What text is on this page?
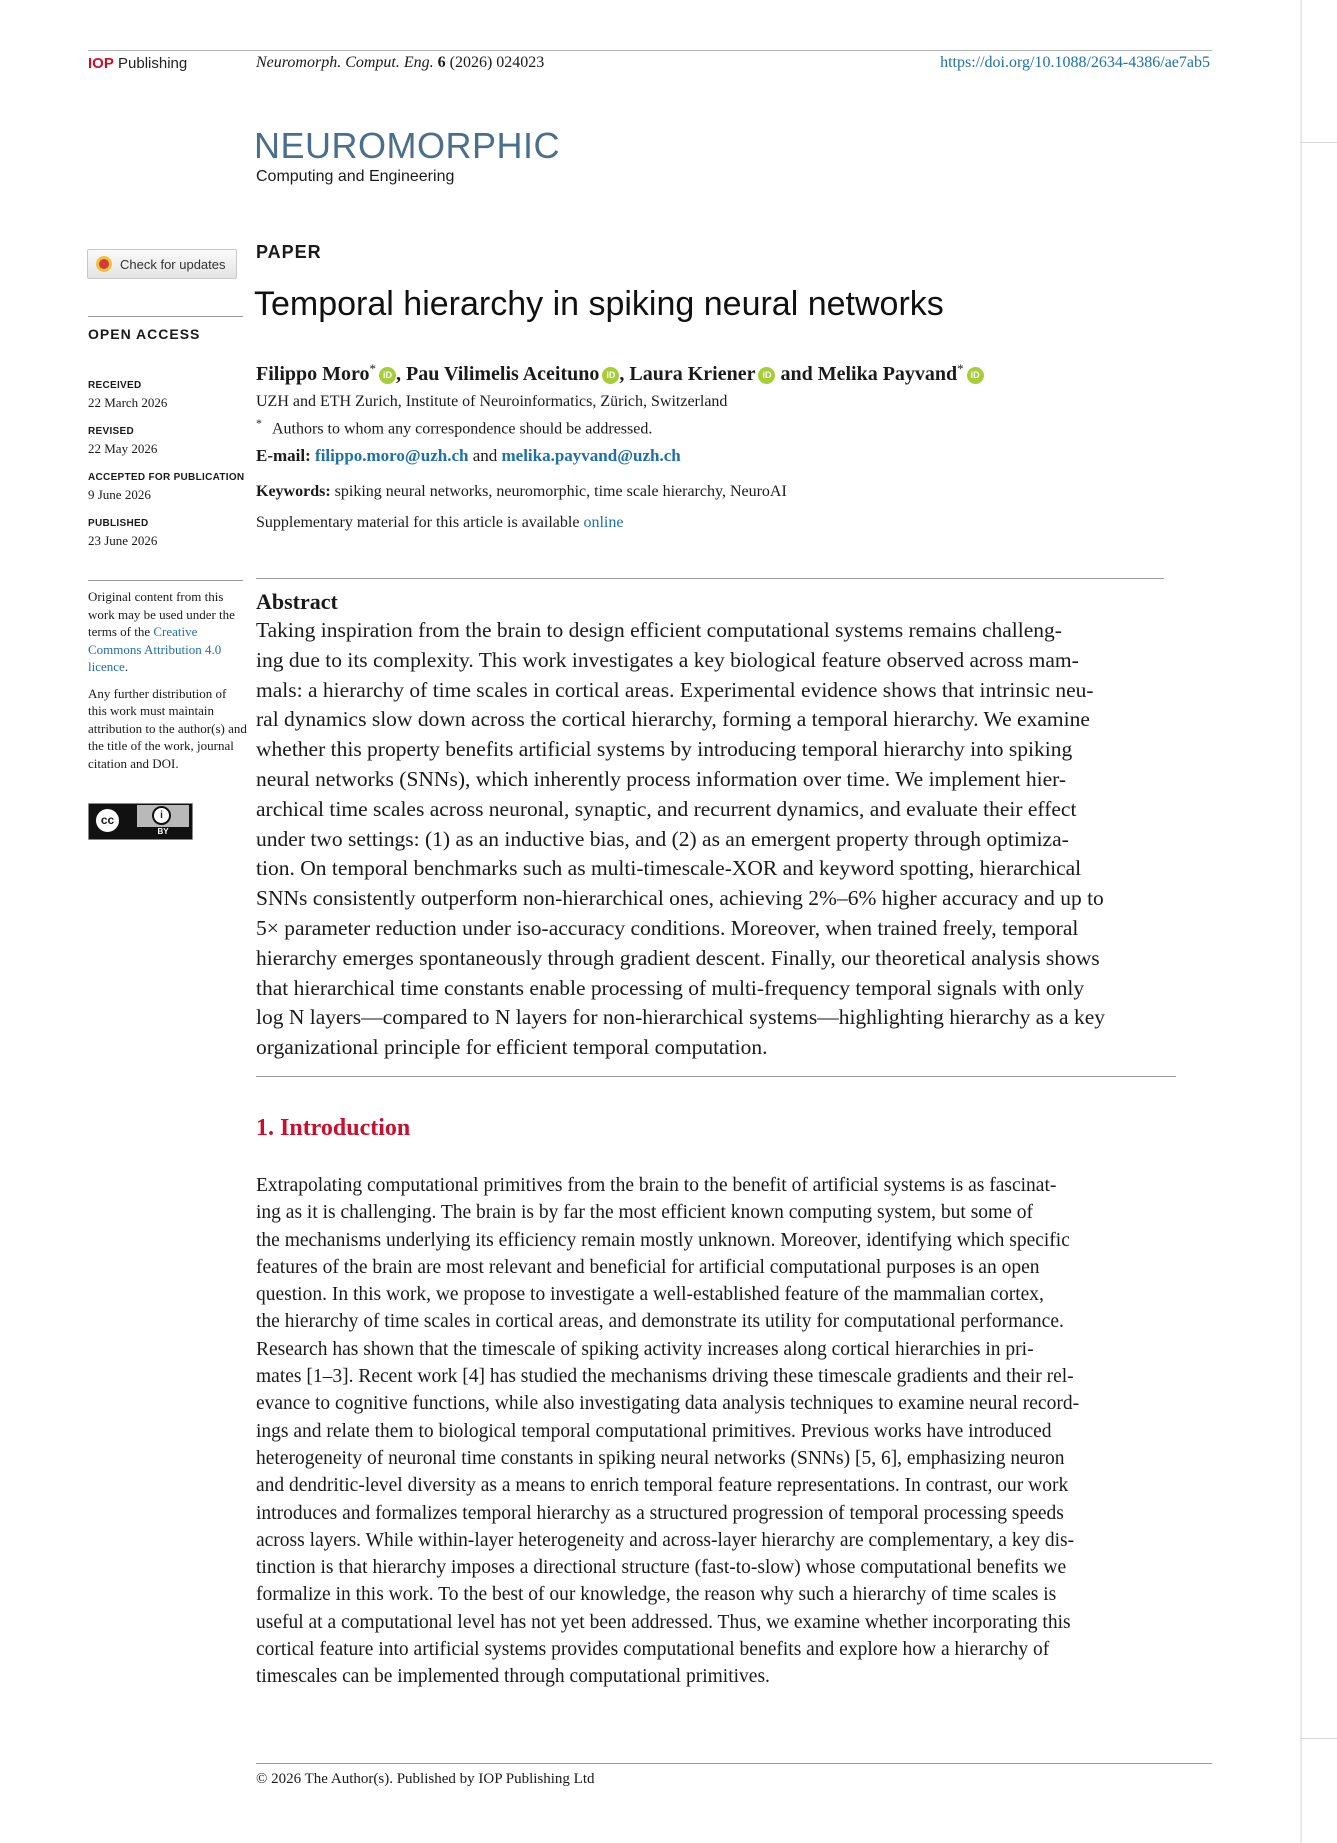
IOP Publishing	Neuromorph. Comput. Eng. 6 (2026) 024023	https://doi.org/10.1088/2634-4386/ae7ab5
NEUROMORPHIC
Computing and Engineering
Check for updates
OPEN ACCESS
RECEIVED
22 March 2026
REVISED
22 May 2026
ACCEPTED FOR PUBLICATION
9 June 2026
PUBLISHED
23 June 2026

Original content from this work may be used under the terms of the Creative Commons Attribution 4.0 licence.

Any further distribution of this work must maintain attribution to the author(s) and the title of the work, journal citation and DOI.

cc	i
BY
PAPER
Temporal hierarchy in spiking neural networks
Filippo Moro* iD , Pau Vilimelis Aceituno iD , Laura Kriener iD and Melika Payvand* iD
UZH and ETH Zurich, Institute of Neuroinformatics, Zürich, Switzerland
* Authors to whom any correspondence should be addressed.
E-mail: filippo.moro@uzh.ch and melika.payvand@uzh.ch
Keywords: spiking neural networks, neuromorphic, time scale hierarchy, NeuroAI
Supplementary material for this article is available online
Abstract
Taking inspiration from the brain to design efficient computational systems remains challeng-
ing due to its complexity. This work investigates a key biological feature observed across mam-
mals: a hierarchy of time scales in cortical areas. Experimental evidence shows that intrinsic neu-
ral dynamics slow down across the cortical hierarchy, forming a temporal hierarchy. We examine
whether this property benefits artificial systems by introducing temporal hierarchy into spiking
neural networks (SNNs), which inherently process information over time. We implement hier-
archical time scales across neuronal, synaptic, and recurrent dynamics, and evaluate their effect
under two settings: (1) as an inductive bias, and (2) as an emergent property through optimiza-
tion. On temporal benchmarks such as multi-timescale-XOR and keyword spotting, hierarchical
SNNs consistently outperform non-hierarchical ones, achieving 2%–6% higher accuracy and up to
5× parameter reduction under iso-accuracy conditions. Moreover, when trained freely, temporal
hierarchy emerges spontaneously through gradient descent. Finally, our theoretical analysis shows
that hierarchical time constants enable processing of multi-frequency temporal signals with only
log N layers—compared to N layers for non-hierarchical systems—highlighting hierarchy as a key
organizational principle for efficient temporal computation.
1. Introduction
Extrapolating computational primitives from the brain to the benefit of artificial systems is as fascinat-
ing as it is challenging. The brain is by far the most efficient known computing system, but some of
the mechanisms underlying its efficiency remain mostly unknown. Moreover, identifying which specific
features of the brain are most relevant and beneficial for artificial computational purposes is an open
question. In this work, we propose to investigate a well-established feature of the mammalian cortex,
the hierarchy of time scales in cortical areas, and demonstrate its utility for computational performance.
Research has shown that the timescale of spiking activity increases along cortical hierarchies in pri-
mates [1–3]. Recent work [4] has studied the mechanisms driving these timescale gradients and their rel-
evance to cognitive functions, while also investigating data analysis techniques to examine neural record-
ings and relate them to biological temporal computational primitives. Previous works have introduced
heterogeneity of neuronal time constants in spiking neural networks (SNNs) [5, 6], emphasizing neuron
and dendritic-level diversity as a means to enrich temporal feature representations. In contrast, our work
introduces and formalizes temporal hierarchy as a structured progression of temporal processing speeds
across layers. While within-layer heterogeneity and across-layer hierarchy are complementary, a key dis-
tinction is that hierarchy imposes a directional structure (fast-to-slow) whose computational benefits we
formalize in this work. To the best of our knowledge, the reason why such a hierarchy of time scales is
useful at a computational level has not yet been addressed. Thus, we examine whether incorporating this
cortical feature into artificial systems provides computational benefits and explore how a hierarchy of
timescales can be implemented through computational primitives.
© 2026 The Author(s). Published by IOP Publishing Ltd
